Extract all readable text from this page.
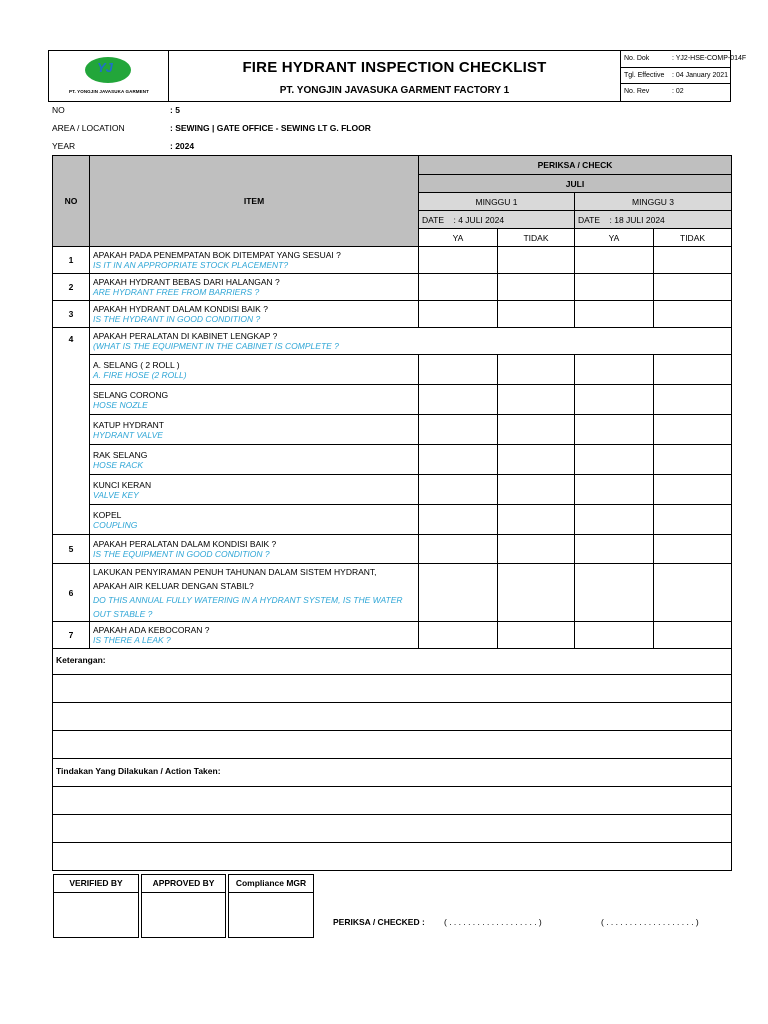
YJ
PT. YONGJIN JAVASUKA GARMENT
FIRE HYDRANT INSPECTION CHECKLIST
PT. YONGJIN JAVASUKA GARMENT FACTORY 1
No. Dok	: YJ2-HSE-COMP-014F
Tgl. Effective : 04 January 2021
No. Rev	: 02
NO	: 5
AREA / LOCATION	: SEWING | GATE OFFICE - SEWING LT G. FLOOR
YEAR	: 2024
NO	ITEM	PERIKSA / CHECK			
		JULI			
		MINGGU 1		MINGGU 3	
		DATE : 4 JULI 2024		DATE : 18 JULI 2024	
		YA	TIDAK	YA	TIDAK
1	APAKAH PADA PENEMPATAN BOK DITEMPAT YANG SESUAI ?
IS IT IN AN APPROPRIATE STOCK PLACEMENT?				

2	APAKAH HYDRANT BEBAS DARI HALANGAN ?
ARE HYDRANT FREE FROM BARRIERS ?				

3	APAKAH HYDRANT DALAM KONDISI BAIK ?
IS THE HYDRANT IN GOOD CONDITION ?				

4	APAKAH PERALATAN DI KABINET LENGKAP ?
(WHAT IS THE EQUIPMENT IN THE CABINET IS COMPLETE ?				

	A. SELANG ( 2 ROLL )
A. FIRE HOSE (2 ROLL)				

	SELANG CORONG
HOSE NOZLE				

	KATUP HYDRANT
HYDRANT VALVE				

	RAK SELANG
HOSE RACK				

	KUNCI KERAN
VALVE KEY				

	KOPEL
COUPLING				

5	APAKAH PERALATAN DALAM KONDISI BAIK ?
IS THE EQUIPMENT IN GOOD CONDITION ?				

6	LAKUKAN PENYIRAMAN PENUH TAHUNAN DALAM SISTEM HYDRANT,
APAKAH AIR KELUAR DENGAN STABIL?
DO THIS ANNUAL FULLY WATERING IN A HYDRANT SYSTEM, IS THE WATER
OUT STABLE ?				

7	APAKAH ADA KEBOCORAN ?
IS THERE A LEAK ?				

Keterangan:					

Tindakan Yang Dilakukan / Action Taken:					

VERIFIED BY	APPROVED BY	Compliance MGR
PERIKSA / CHECKED : ( . . . . . . . . . . . . . . . . . . . )	( . . . . . . . . . . . . . . . . . . . )
